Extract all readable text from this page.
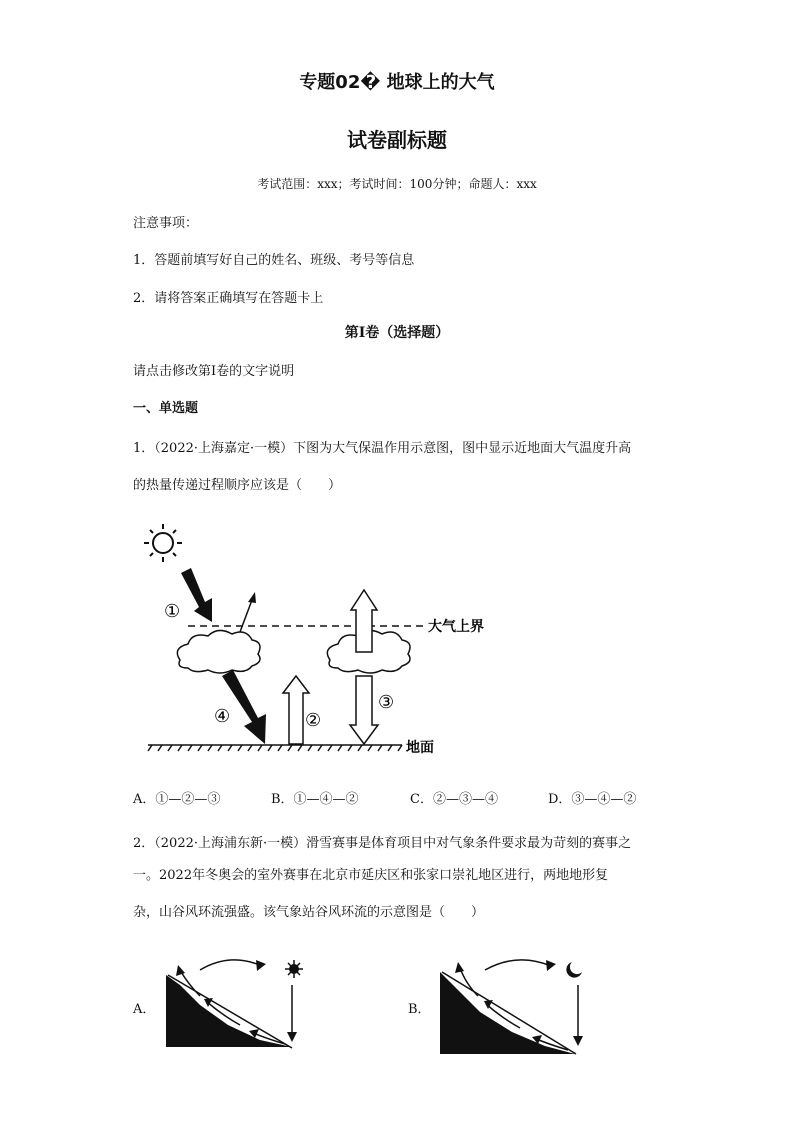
专题02� 地球上的大气
试卷副标题
考试范围：xxx；考试时间：100分钟；命题人：xxx
注意事项：
1．答题前填写好自己的姓名、班级、考号等信息
2．请将答案正确填写在答题卡上
第I卷（选择题）
请点击修改第I卷的文字说明
一、单选题
1．（2022·上海嘉定·一模）下图为大气保温作用示意图，图中显示近地面大气温度升高
的热量传递过程顺序应该是（　　）
大气上界
地面
①
④	②
③
A．①—②—③	B．①—④—②	C．②—③—④	D．③—④—②
2．（2022·上海浦东新·一模）滑雪赛事是体育项目中对气象条件要求最为苛刻的赛事之
一。2022年冬奥会的室外赛事在北京市延庆区和张家口崇礼地区进行，两地地形复
杂，山谷风环流强盛。该气象站谷风环流的示意图是（　　）
A．	B．
